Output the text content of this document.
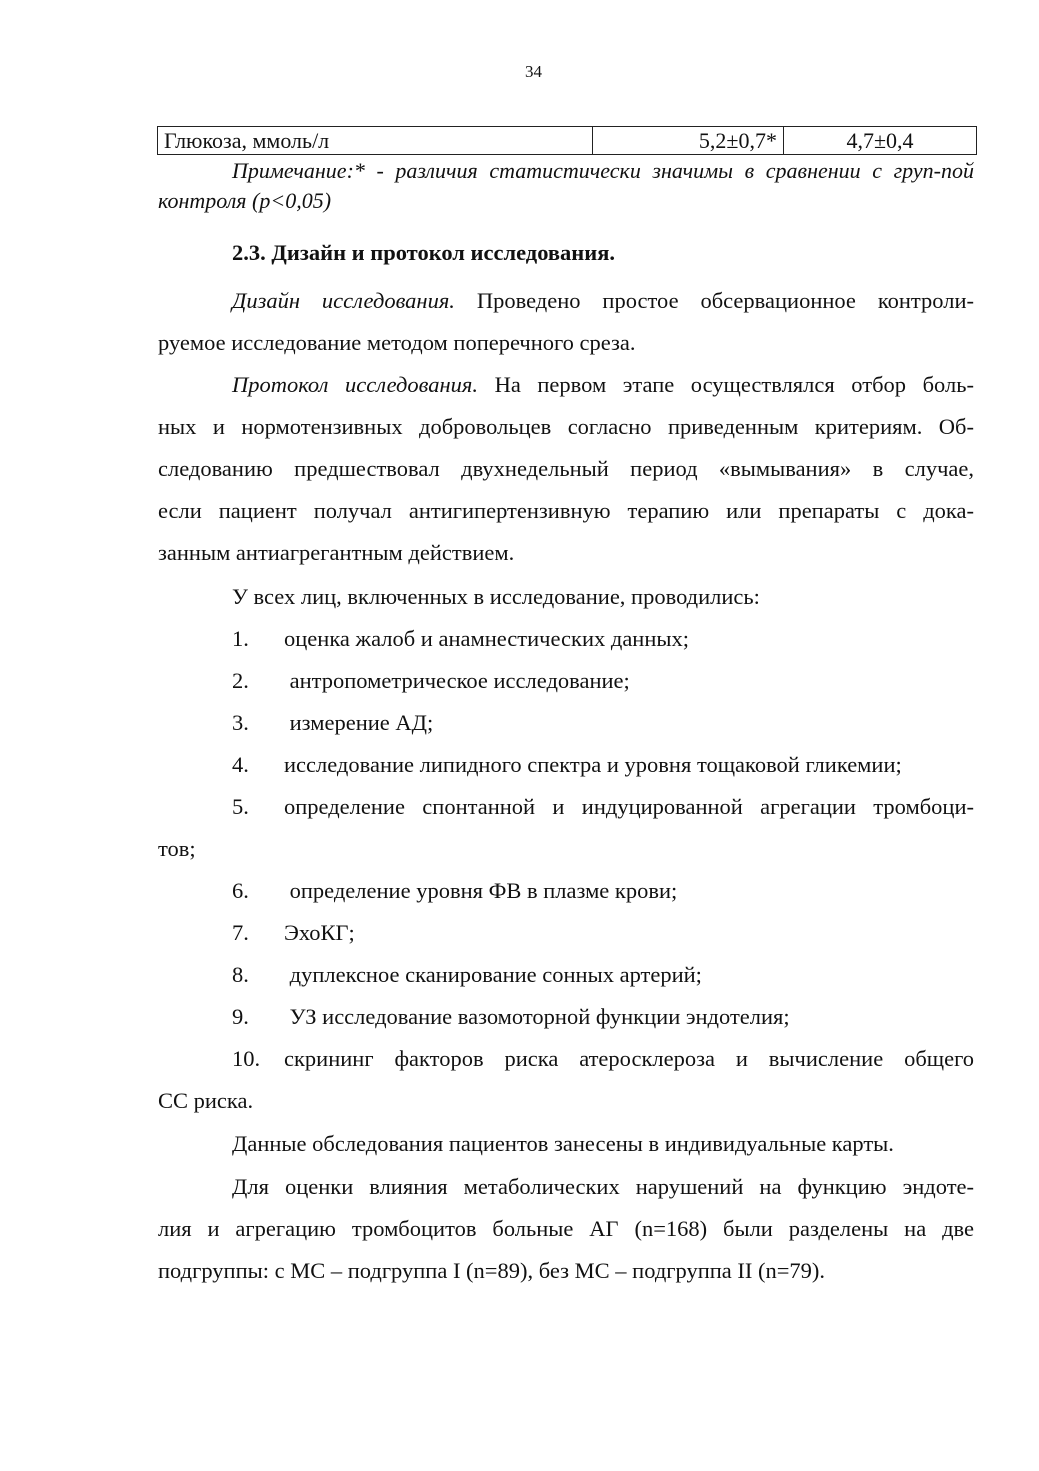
34
Глюкоза, ммоль/л	5,2±0,7*	4,7±0,4
Примечание:* - различия статистически значимы в сравнении с груп-пой контроля (р<0,05)
2.3. Дизайн и протокол исследования.
Дизайн исследования. Проведено простое обсервационное контроли-
руемое исследование методом поперечного среза.
Протокол исследования. На первом этапе осуществлялся отбор боль-
ных и нормотензивных добровольцев согласно приведенным критериям. Об-
следованию предшествовал двухнедельный период «вымывания» в случае,
если пациент получал антигипертензивную терапию или препараты с дока-
занным антиагрегантным действием.
У всех лиц, включенных в исследование, проводились:
1. оценка жалоб и анамнестических данных;
2. антропометрическое исследование;
3. измерение АД;
4. исследование липидного спектра и уровня тощаковой гликемии;
5.	определение спонтанной и индуцированной агрегации тромбоци-
тов;
6. определение уровня ФВ в плазме крови;
7. ЭхоКГ;
8. дуплексное сканирование сонных артерий;
9. УЗ исследование вазомоторной функции эндотелия;
10.	скрининг факторов риска атеросклероза и вычисление общего
СС риска.
Данные обследования пациентов занесены в индивидуальные карты.
Для оценки влияния метаболических нарушений на функцию эндоте-
лия и агрегацию тромбоцитов больные АГ (n=168) были разделены на две
подгруппы: с МС – подгруппа I (n=89), без МС – подгруппа II (n=79).
